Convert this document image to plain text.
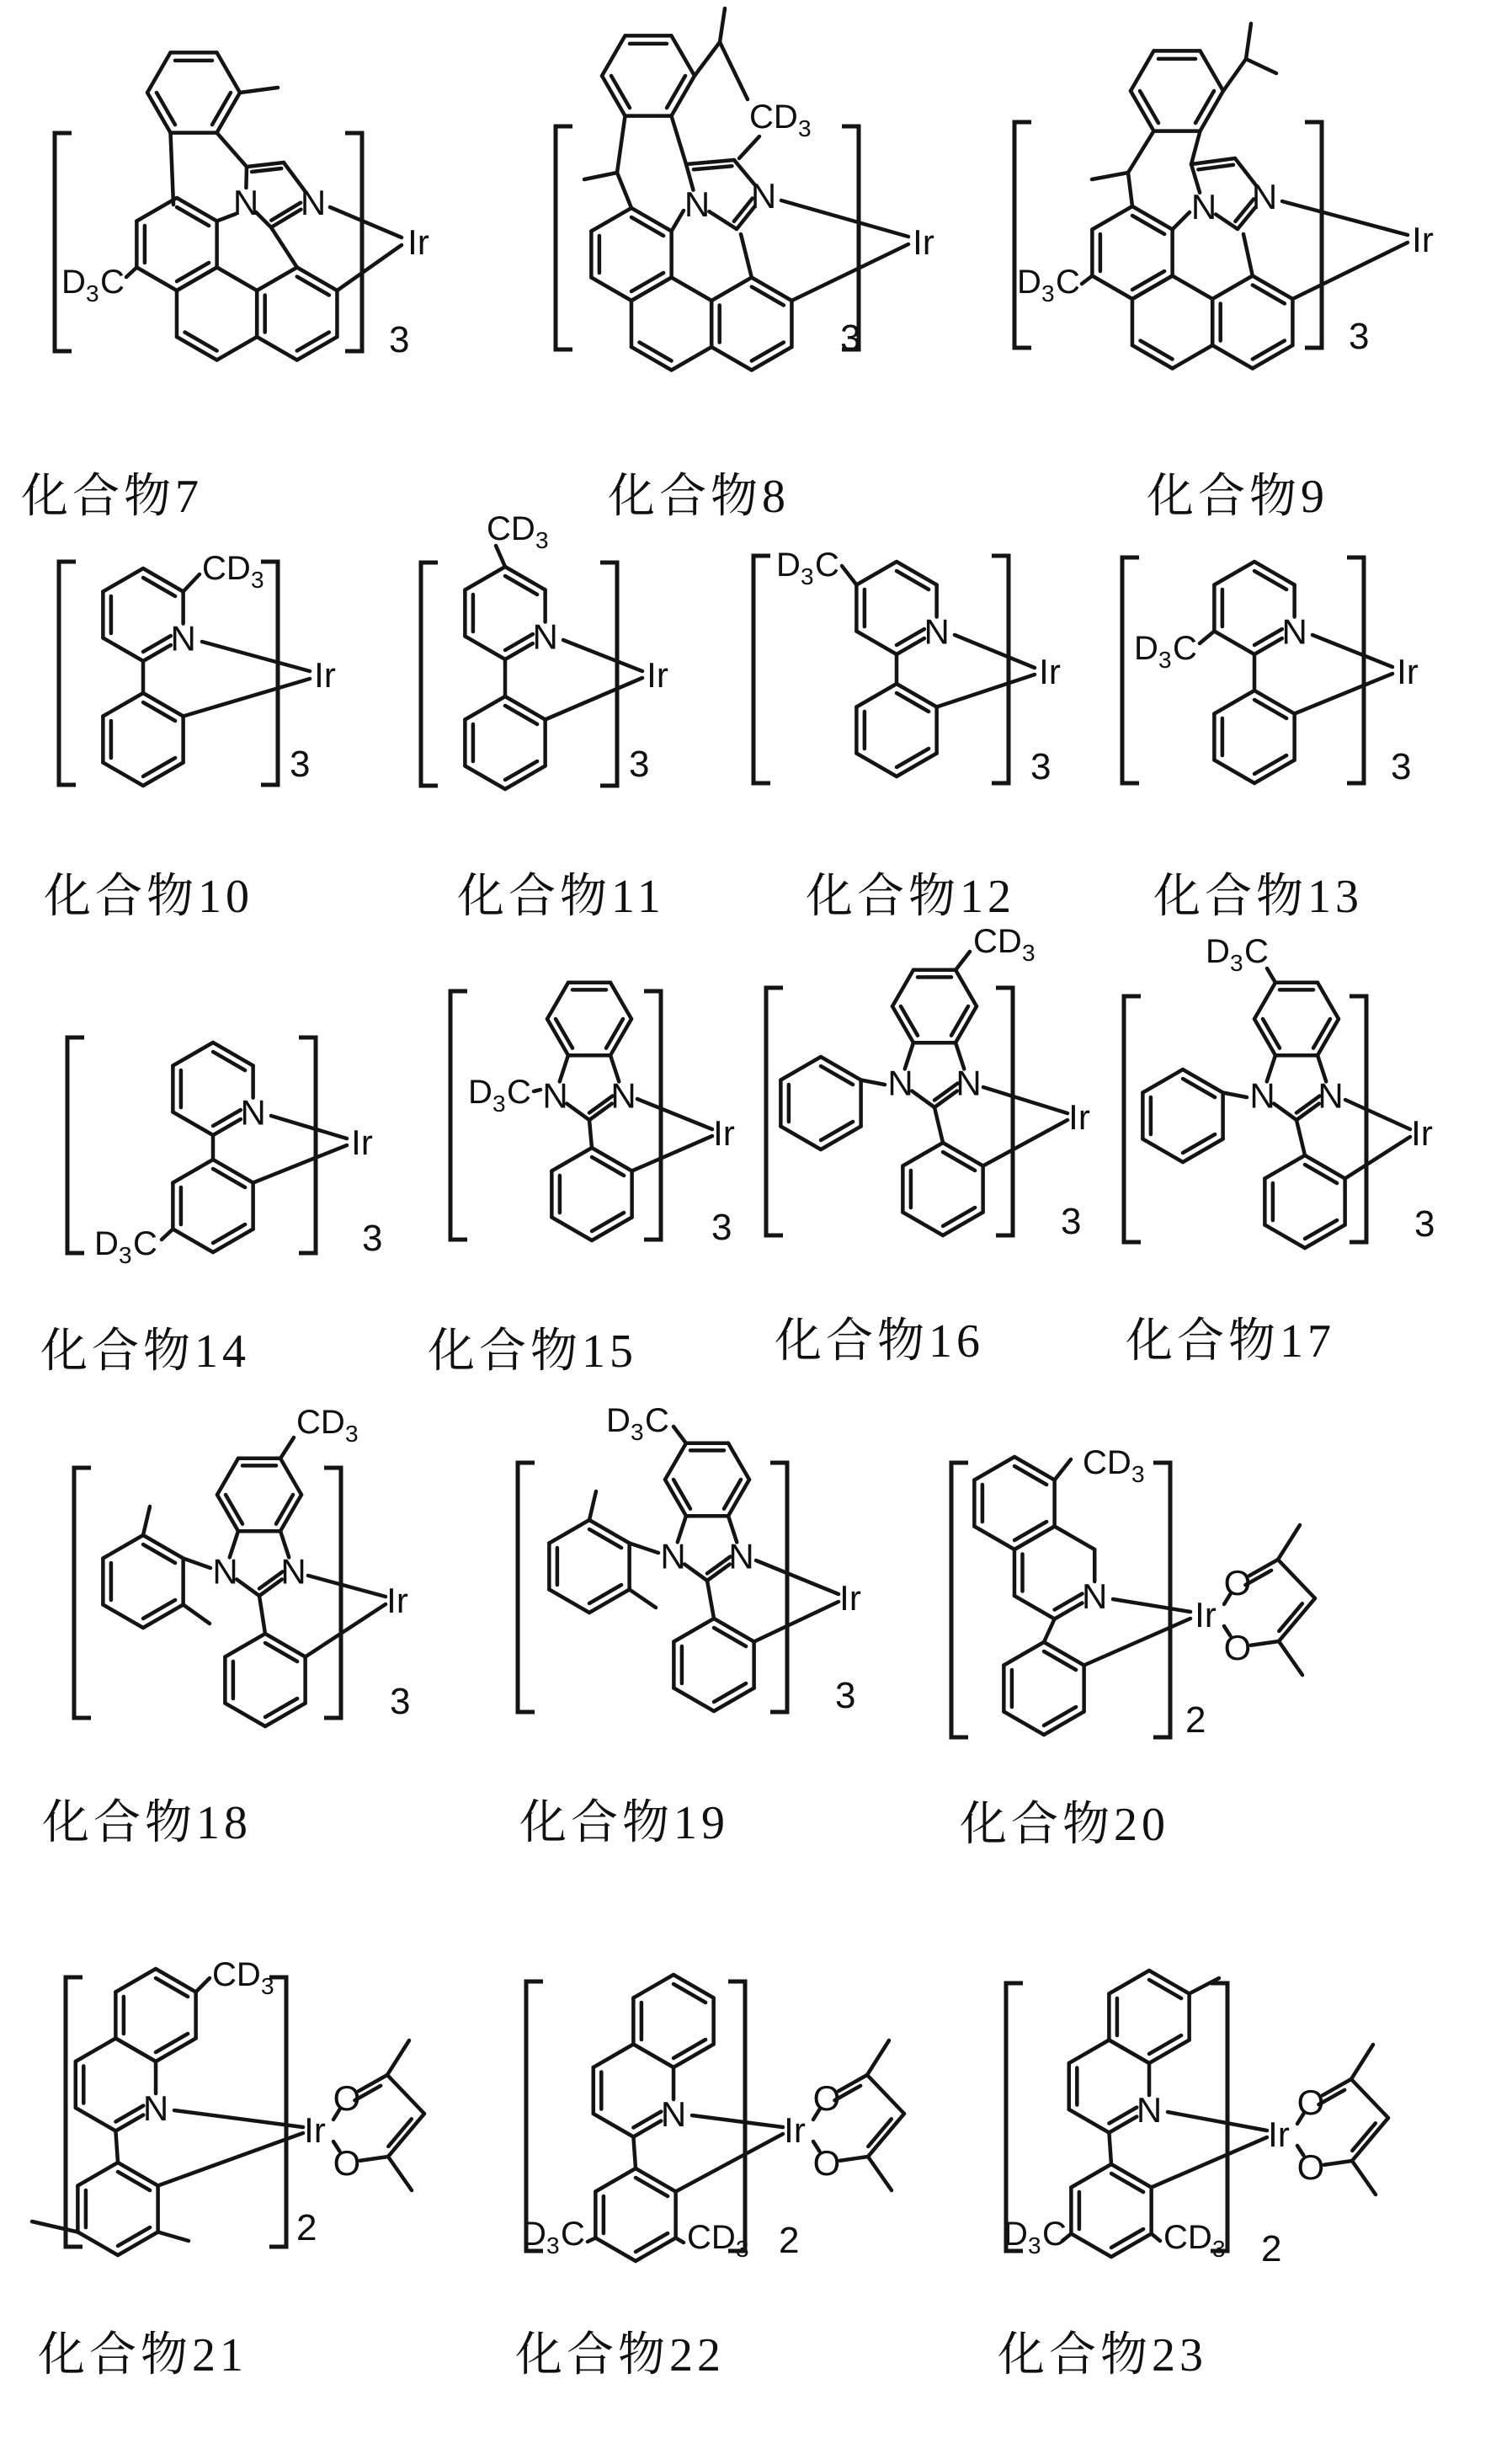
N
N
D 3 C
Ir
3
N
N
CD 3
Ir
3
N
N
D 3 C
Ir
3
N
CD 3
Ir
3
N
CD 3
Ir
3
N
D 3 C
Ir
3
N
D 3 C
Ir
3
N
D 3 C
Ir
3
N
N
D 3 C
Ir
3
N
N
CD 3
Ir
3
N
N
D 3 C
Ir
3
N
N
CD 3
Ir
3
N
N
D 3 C
Ir
3
N
CD 3
Ir
O
O
2
N
CD 3
Ir
O
O
2
N
CD 3
D 3 C
Ir
O
O
2
N
CD 3
D 3 C
Ir
O
O
2
化合物7	化合物8	化合物9
化合物10	化合物11	化合物12	化合物13
化合物14	化合物15	化合物16	化合物17
化合物18	化合物19	化合物20
化合物21	化合物22	化合物23
